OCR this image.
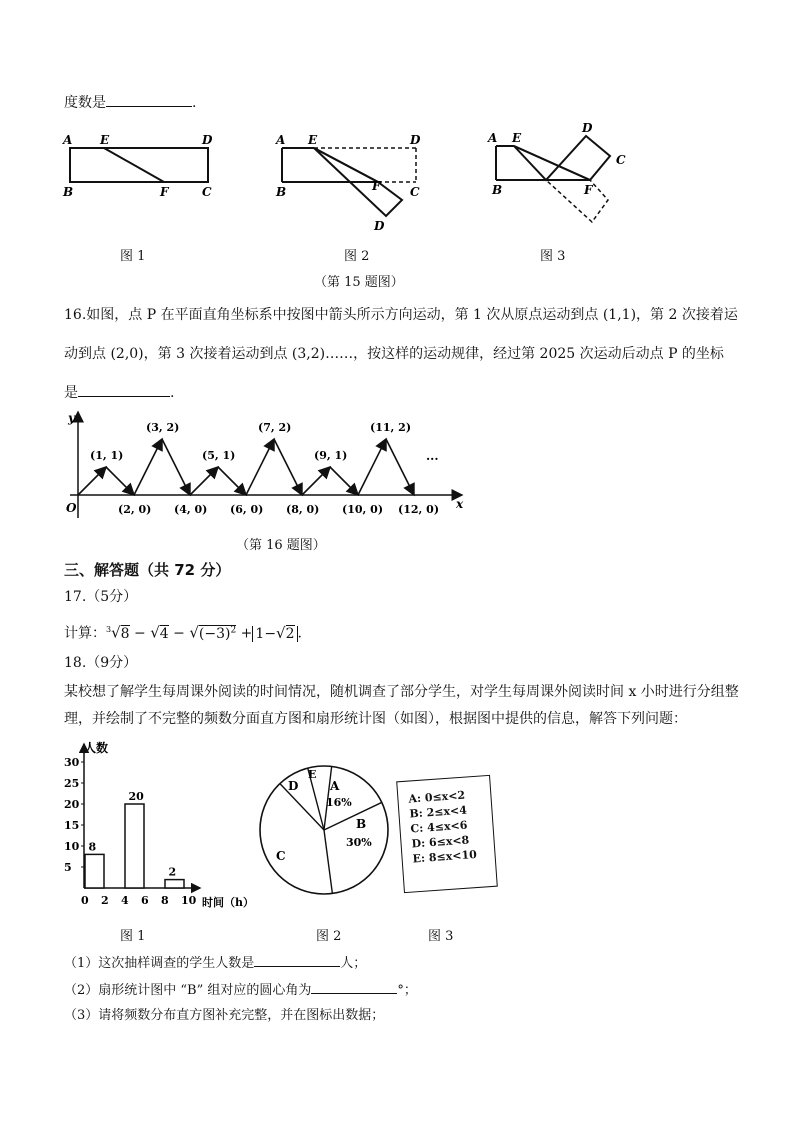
度数是	.
A E	D
B	F	C
图 1
A E	D
B	F C
D
图 2
A E
D
C
B	F
图 3
（第 15 题图）
16.如图，点 P 在平面直角坐标系中按图中箭头所示方向运动，第 1 次从原点运动到点 (1,1)，第 2 次接着运
动到点 (2,0)，第 3 次接着运动到点 (3,2)……，按这样的运动规律，经过第 2025 次运动后动点 P 的坐标
是	.
y
x
O
(1, 1)
(3, 2)
(5, 1)
(7, 2)
(9, 1)
(11, 2)
(2, 0) (4, 0) (6, 0) (8, 0) (10, 0) (12, 0)
...
（第 16 题图）
三、解答题（共 72 分）
17.（5分）
计算：$^3√8 - √4 - √(-3)^2 + 1-√2$ .
18.（9分）
某校想了解学生每周课外阅读的时间情况，随机调查了部分学生，对学生每周课外阅读时间 x 小时进行分组整
理，并绘制了不完整的频数分面直方图和扇形统计图（如图），根据图中提供的信息，解答下列问题：
人数
时间（h）
5
10
15
20
25
30
0 2 4 6 8 10
8
20
2
图 1
A
16%
B
30%
C
D
E
图 2
A: 0≤x<2
B: 2≤x<4
C: 4≤x<6
D: 6≤x<8
E: 8≤x<10
图 3
（1）这次抽样调查的学生人数是	人；
（2）扇形统计图中 “B” 组对应的圆心角为	°；
（3）请将频数分布直方图补充完整，并在图标出数据；
